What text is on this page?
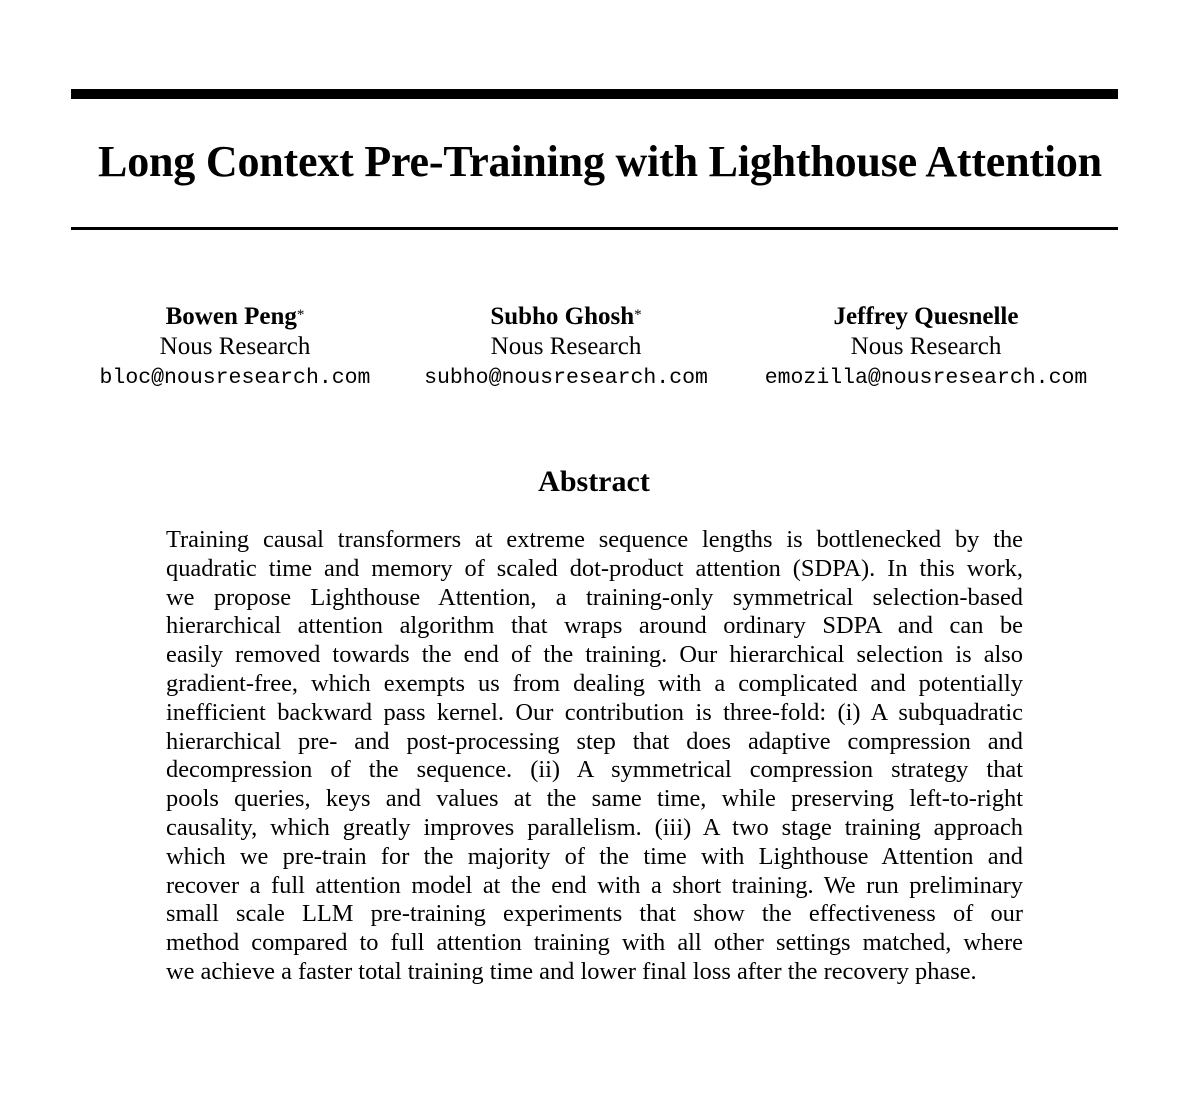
Long Context Pre-Training with Lighthouse Attention
Bowen Peng*
Nous Research
bloc@nousresearch.com
Subho Ghosh*
Nous Research
subho@nousresearch.com
Jeffrey Quesnelle
Nous Research
emozilla@nousresearch.com
Abstract
Training causal transformers at extreme sequence lengths is bottlenecked by the
quadratic time and memory of scaled dot-product attention (SDPA). In this work,
we propose Lighthouse Attention, a training-only symmetrical selection-based
hierarchical attention algorithm that wraps around ordinary SDPA and can be
easily removed towards the end of the training. Our hierarchical selection is also
gradient-free, which exempts us from dealing with a complicated and potentially
inefficient backward pass kernel. Our contribution is three-fold: (i) A subquadratic
hierarchical pre- and post-processing step that does adaptive compression and
decompression of the sequence. (ii) A symmetrical compression strategy that
pools queries, keys and values at the same time, while preserving left-to-right
causality, which greatly improves parallelism. (iii) A two stage training approach
which we pre-train for the majority of the time with Lighthouse Attention and
recover a full attention model at the end with a short training. We run preliminary
small scale LLM pre-training experiments that show the effectiveness of our
method compared to full attention training with all other settings matched, where
we achieve a faster total training time and lower final loss after the recovery phase.
